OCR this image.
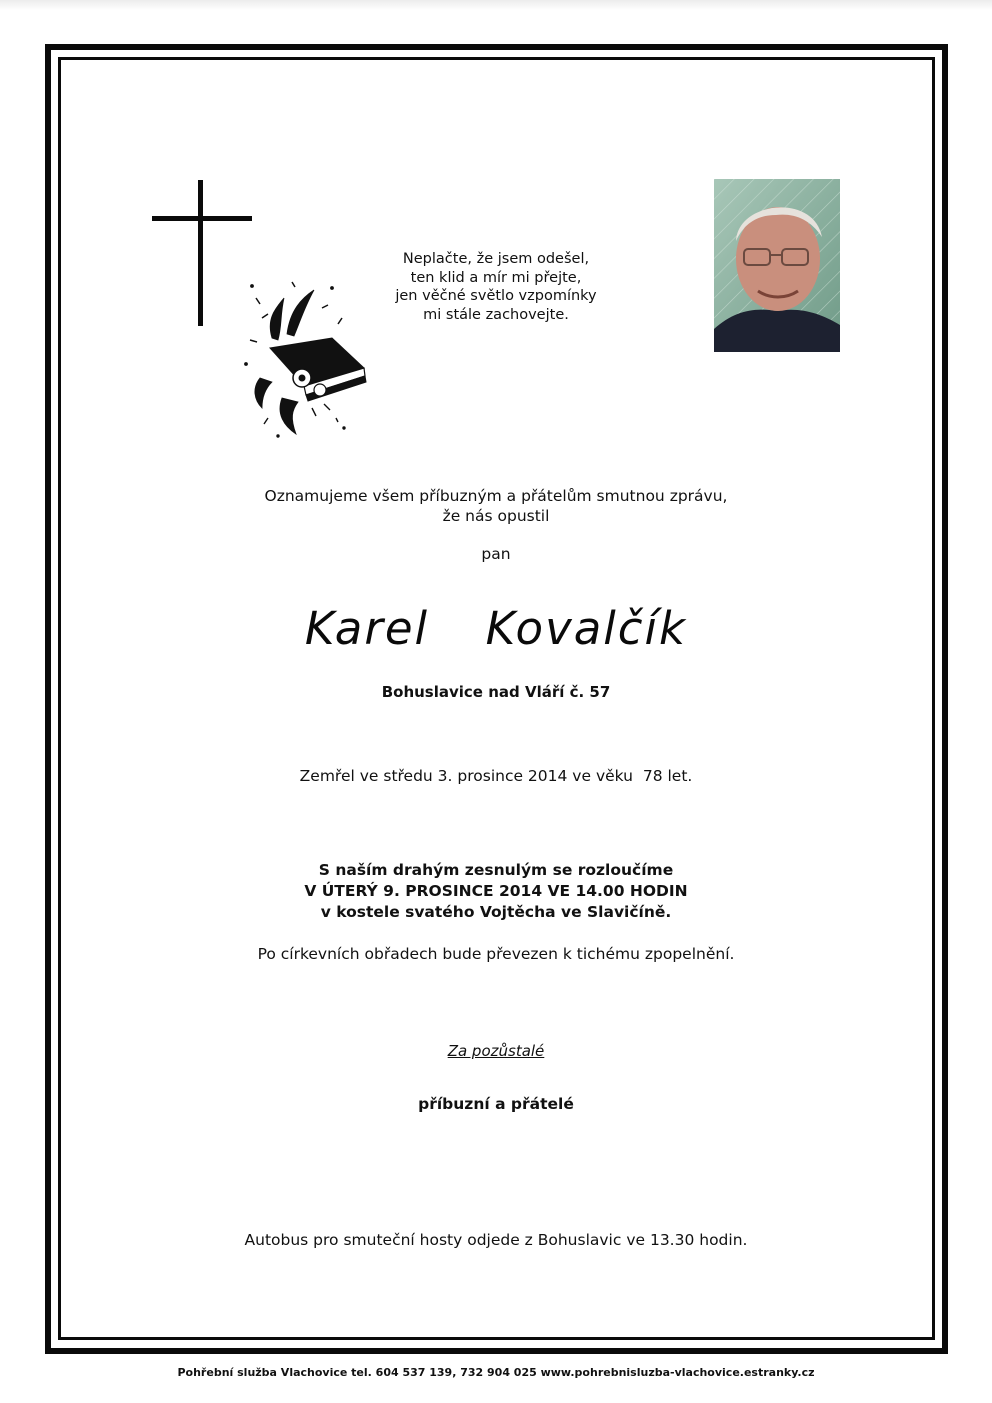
Neplačte, že jsem odešel,
ten klid a mír mi přejte,
jen věčné světlo vzpomínky
mi stále zachovejte.
Oznamujeme všem příbuzným a přátelům smutnou zprávu,
že nás opustil
pan
Karel  Kovalčík
Bohuslavice nad Vláří č. 57
Zemřel ve středu 3. prosince 2014 ve věku  78 let.
S naším drahým zesnulým se rozloučíme
V ÚTERÝ 9. PROSINCE 2014 VE 14.00 HODIN
v kostele svatého Vojtěcha ve Slavičíně.
Po církevních obřadech bude převezen k tichému zpopelnění.
Za pozůstalé
příbuzní a přátelé
Autobus pro smuteční hosty odjede z Bohuslavic ve 13.30 hodin.
Pohřební služba Vlachovice tel. 604 537 139, 732 904 025 www.pohrebnisluzba-vlachovice.estranky.cz
